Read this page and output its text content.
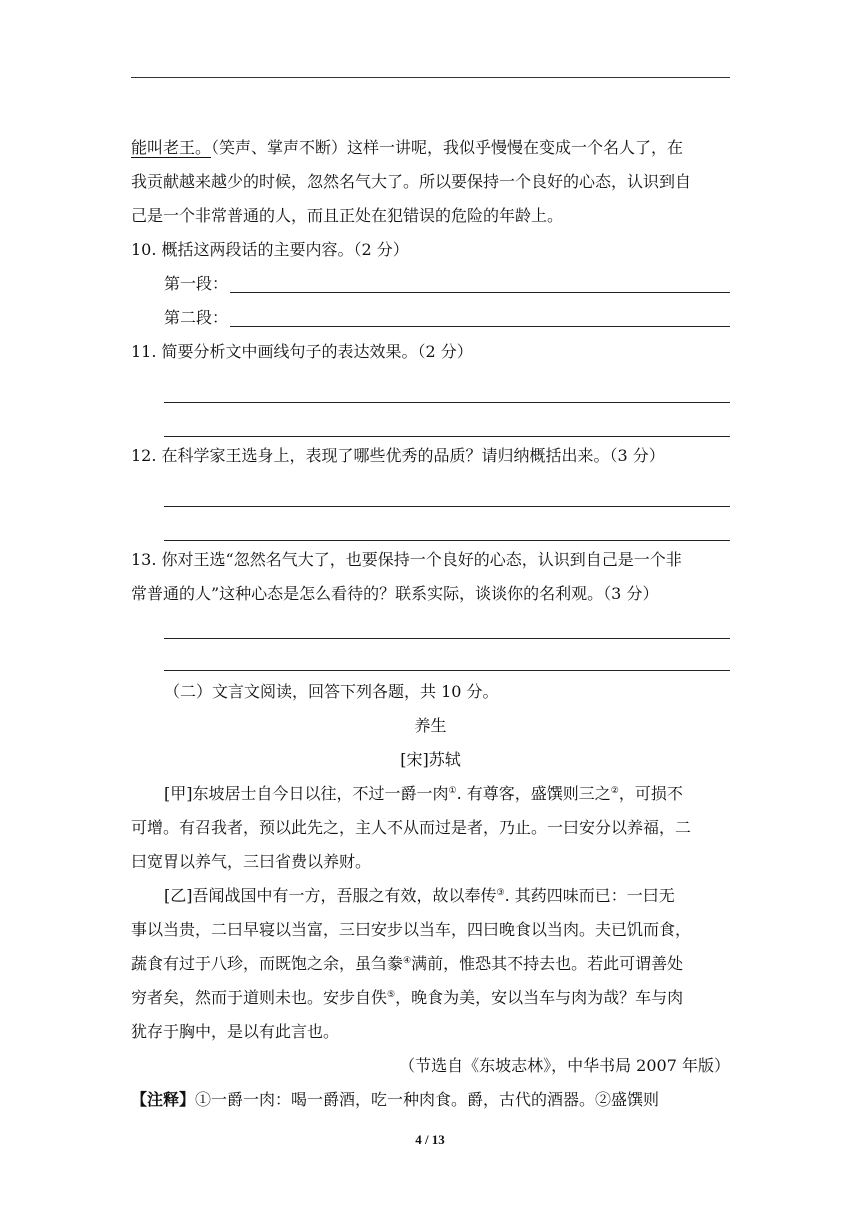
能叫老王。（笑声、掌声不断）这样一讲呢，我似乎慢慢在变成一个名人了，在
我贡献越来越少的时候，忽然名气大了。所以要保持一个良好的心态，认识到自
己是一个非常普通的人，而且正处在犯错误的危险的年龄上。
10. 概括这两段话的主要内容。（2 分）
第一段：
第二段：
11. 简要分析文中画线句子的表达效果。（2 分）
12. 在科学家王选身上，表现了哪些优秀的品质？请归纳概括出来。（3 分）
13. 你对王选“忽然名气大了，也要保持一个良好的心态，认识到自己是一个非
常普通的人”这种心态是怎么看待的？联系实际，谈谈你的名利观。（3 分）
（二）文言文阅读，回答下列各题，共 10 分。
养生
[宋]苏轼
[甲]东坡居士自今日以往，不过一爵一肉①. 有尊客，盛馔则三之②，可损不
可增。有召我者，预以此先之，主人不从而过是者，乃止。一曰安分以养福，二
曰宽胃以养气，三曰省费以养财。
[乙]吾闻战国中有一方，吾服之有效，故以奉传③. 其药四味而已：一曰无
事以当贵，二曰早寝以当富，三曰安步以当车，四曰晚食以当肉。夫已饥而食，
蔬食有过于八珍，而既饱之余，虽刍豢④满前，惟恐其不持去也。若此可谓善处
穷者矣，然而于道则未也。安步自佚⑤，晚食为美，安以当车与肉为哉？车与肉
犹存于胸中，是以有此言也。
（节选自《东坡志林》，中华书局 2007 年版）
【注释】①一爵一肉：喝一爵酒，吃一种肉食。爵，古代的酒器。②盛馔则
4 / 13
